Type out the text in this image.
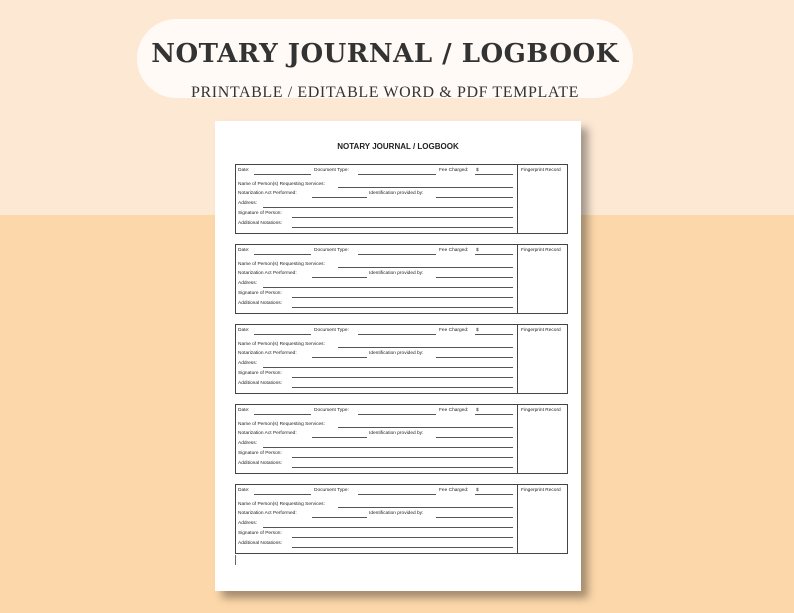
NOTARY JOURNAL / LOGBOOK
PRINTABLE / EDITABLE WORD & PDF TEMPLATE
NOTARY JOURNAL / LOGBOOK
Date:	Document Type:	Fee Charged: $
Name of Person(s) Requesting Services:
Notarization Act Performed:	Identification provided by:
Address:
Signature of Person:
Additional Notations:
Fingerprint Record
Date:	Document Type:	Fee Charged: $
Name of Person(s) Requesting Services:
Notarization Act Performed:	Identification provided by:
Address:
Signature of Person:
Additional Notations:
Fingerprint Record
Date:	Document Type:	Fee Charged: $
Name of Person(s) Requesting Services:
Notarization Act Performed:	Identification provided by:
Address:
Signature of Person:
Additional Notations:
Fingerprint Record
Date:	Document Type:	Fee Charged: $
Name of Person(s) Requesting Services:
Notarization Act Performed:	Identification provided by:
Address:
Signature of Person:
Additional Notations:
Fingerprint Record
Date:	Document Type:	Fee Charged: $
Name of Person(s) Requesting Services:
Notarization Act Performed:	Identification provided by:
Address:
Signature of Person:
Additional Notations:
Fingerprint Record
